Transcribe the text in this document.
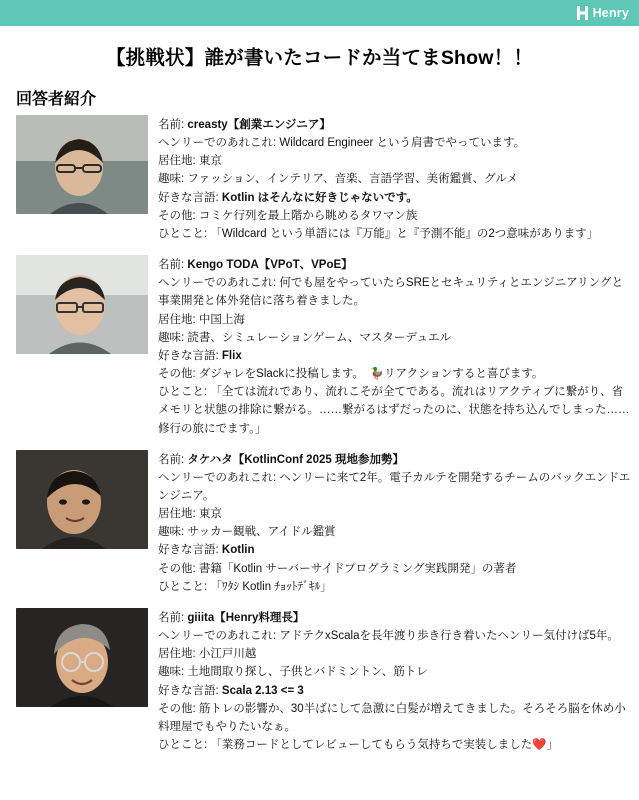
Henry
【挑戦状】誰が書いたコードか当てまShow！！
回答者紹介

名前: creasty【創業エンジニア】

ヘンリーでのあれこれ: Wildcard Engineer という肩書でやっています。

居住地: 東京

趣味: ファッション、インテリア、音楽、言語学習、美術鑑賞、グルメ

好きな言語: Kotlin はそんなに好きじゃないです。

その他: コミケ行列を最上階から眺めるタワマン族

ひとこと: 「Wildcard という単語には『万能』と『予測不能』の2つ意味があります」

名前: Kengo TODA【VPoT、VPoE】

ヘンリーでのあれこれ: 何でも屋をやっていたらSREとセキュリティとエンジニアリングと事業開発と体外発信に落ち着きました。

居住地: 中国上海

趣味: 読書、シミュレーションゲーム、マスターデュエル

好きな言語: Flix

その他: ダジャレをSlackに投稿します。　🦆リアクションすると喜びます。

ひとこと: 「全ては流れであり、流れこそが全てである。流れはリアクティブに繋がり、省メモリと状態の排除に繋がる。……繋がるはずだったのに、状態を持ち込んでしまった……修行の旅にでます。」

名前: タケハタ【KotlinConf 2025 現地参加勢】

ヘンリーでのあれこれ: ヘンリーに来て2年。電子カルテを開発するチームのバックエンドエンジニア。

居住地: 東京

趣味: サッカー観戦、アイドル鑑賞

好きな言語: Kotlin

その他: 書籍「Kotlin サーバーサイドプログラミング実践開発」の著者

ひとこと: 「ﾜﾀｼ Kotlin ﾁｮｯﾄﾃﾞｷﾙ」

名前: giiita【Henry料理長】

ヘンリーでのあれこれ: アドテクxScalaを長年渡り歩き行き着いたヘンリー気付けば5年。

居住地: 小江戸川越

趣味: 土地間取り探し、子供とバドミントン、筋トレ

好きな言語: Scala 2.13 <= 3

その他: 筋トレの影響か、30半ばにして急激に白髪が増えてきました。そろそろ脳を休め小料理屋でもやりたいなぁ。

ひとこと: 「業務コードとしてレビューしてもらう気持ちで実装しました❤️」
